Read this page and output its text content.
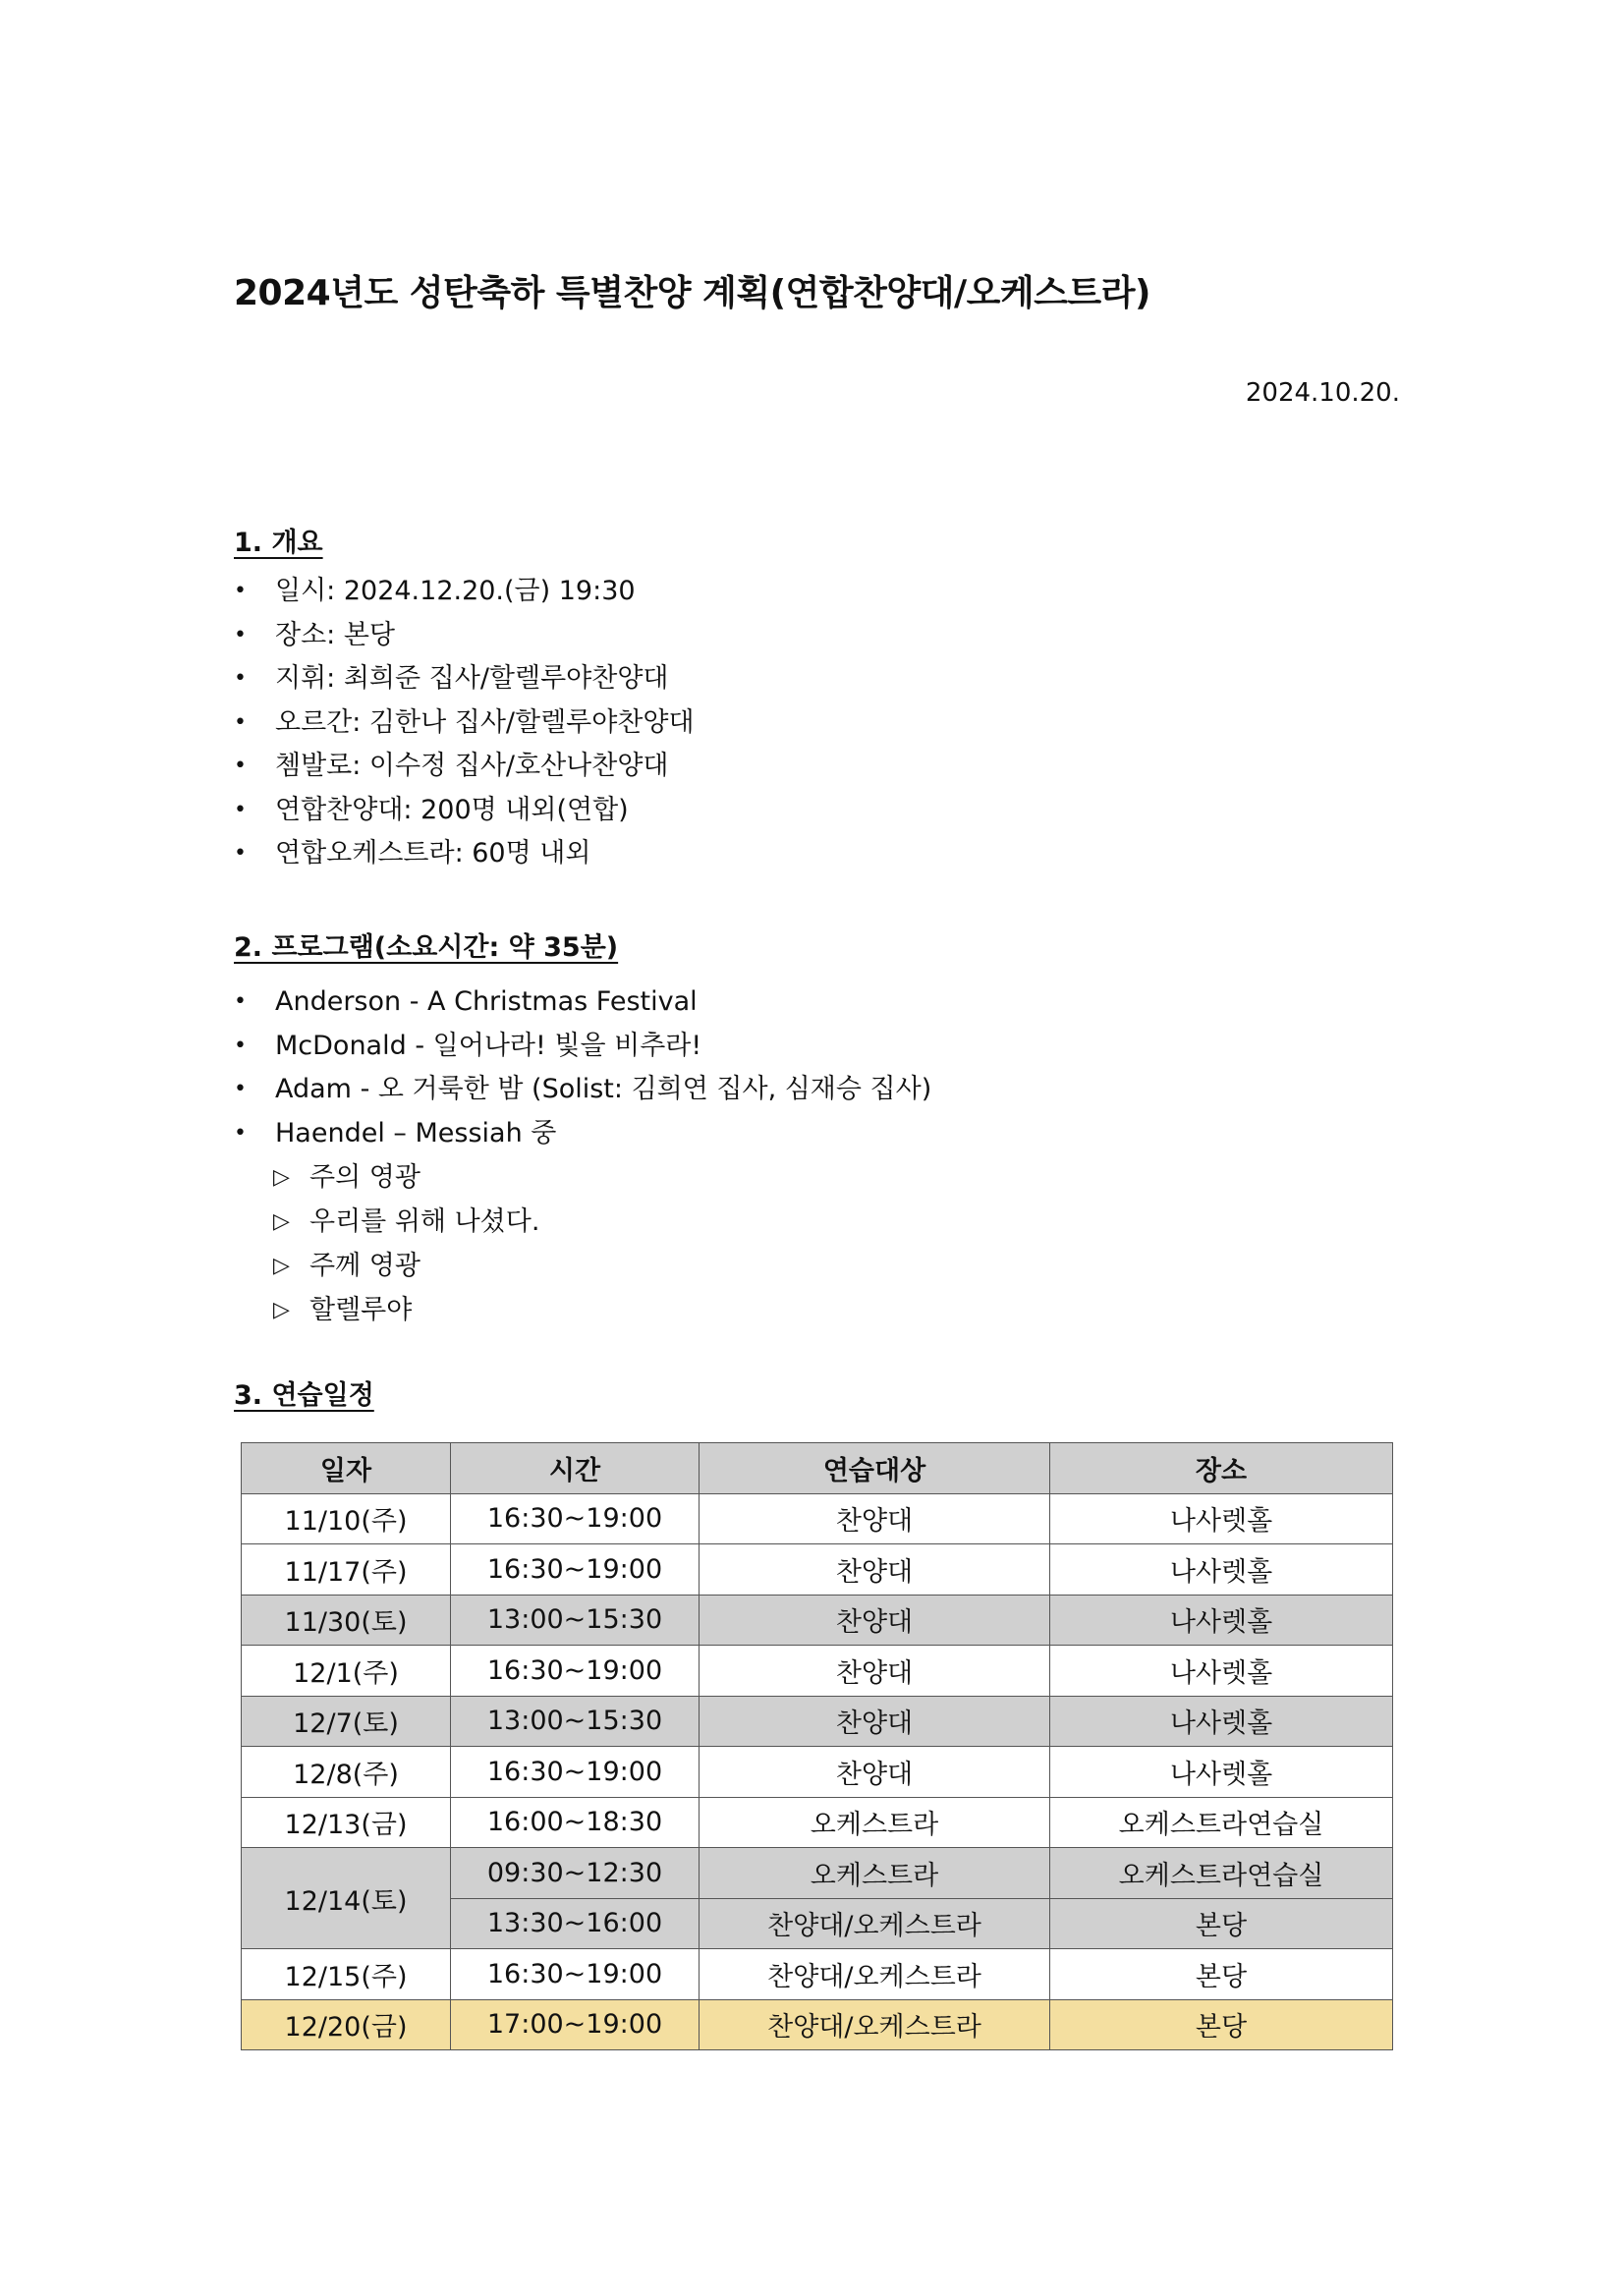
2024년도 성탄축하 특별찬양 계획(연합찬양대/오케스트라)
2024.10.20.
1. 개요
• 일시: 2024.12.20.(금) 19:30
• 장소: 본당
• 지휘: 최희준 집사/할렐루야찬양대
• 오르간: 김한나 집사/할렐루야찬양대
• 쳄발로: 이수정 집사/호산나찬양대
• 연합찬양대: 200명 내외(연합)
• 연합오케스트라: 60명 내외
2. 프로그램(소요시간: 약 35분)
• Anderson - A Christmas Festival
• McDonald - 일어나라! 빛을 비추라!
• Adam - 오 거룩한 밤 (Solist: 김희연 집사, 심재승 집사)
• Haendel – Messiah 중
▷ 주의 영광
▷ 우리를 위해 나셨다.
▷ 주께 영광
▷ 할렐루야
3. 연습일정
일자	시간	연습대상	장소
11/10(주)	16:30~19:00	찬양대	나사렛홀
11/17(주)	16:30~19:00	찬양대	나사렛홀
11/30(토)	13:00~15:30	찬양대	나사렛홀
12/1(주)	16:30~19:00	찬양대	나사렛홀
12/7(토)	13:00~15:30	찬양대	나사렛홀
12/8(주)	16:30~19:00	찬양대	나사렛홀
12/13(금)	16:00~18:30	오케스트라	오케스트라연습실
12/14(토)	09:30~12:30	오케스트라	오케스트라연습실
	13:30~16:00	찬양대/오케스트라	본당
12/15(주)	16:30~19:00	찬양대/오케스트라	본당
12/20(금)	17:00~19:00	찬양대/오케스트라	본당
